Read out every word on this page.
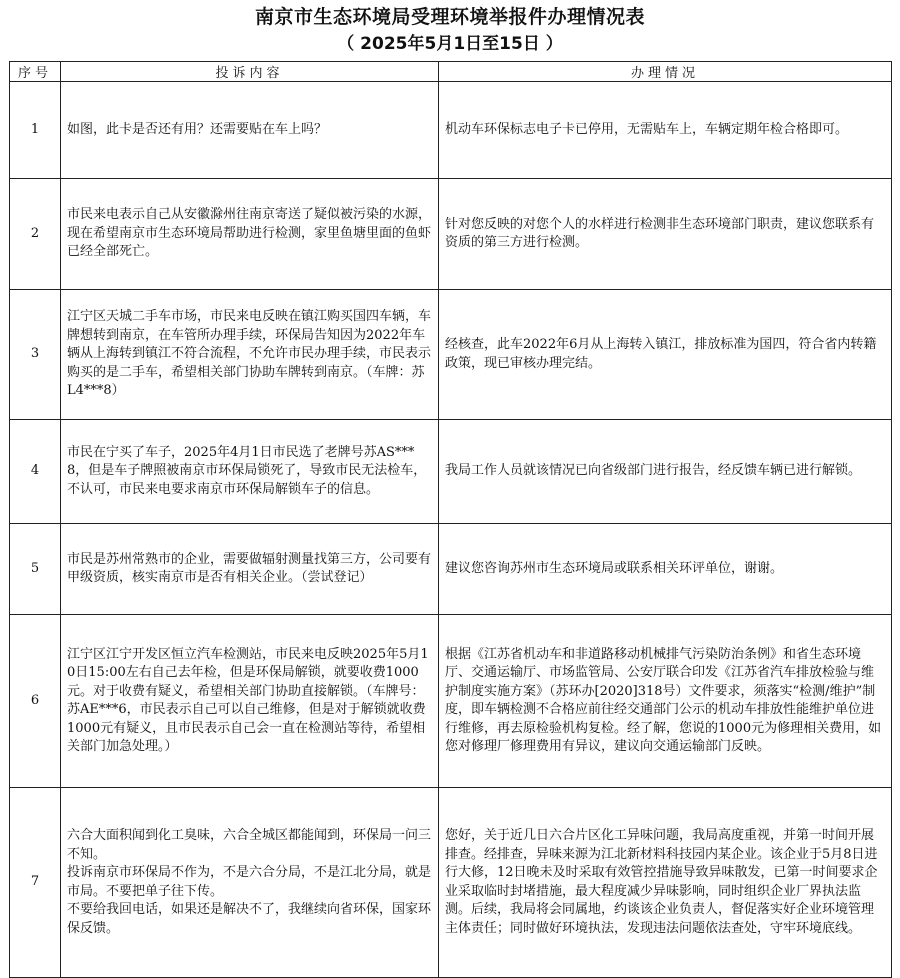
南京市生态环境局受理环境举报件办理情况表
（ 2025年5月1日至15日 ）
序号	投诉内容	办理情况
1	如图，此卡是否还有用？还需要贴在车上吗？	机动车环保标志电子卡已停用，无需贴车上，车辆定期年检合格即可。

2	市民来电表示自己从安徽滁州往南京寄送了疑似被污染的水源，现在希望南京市生态环境局帮助进行检测，家里鱼塘里面的鱼虾已经全部死亡。	针对您反映的对您个人的水样进行检测非生态环境部门职责，建议您联系有资质的第三方进行检测。

3	江宁区天城二手车市场，市民来电反映在镇江购买国四车辆，车牌想转到南京，在车管所办理手续，环保局告知因为2022年车辆从上海转到镇江不符合流程，不允许市民办理手续，市民表示购买的是二手车，希望相关部门协助车牌转到南京。（车牌：苏L4***8）	经核查，此车2022年6月从上海转入镇江，排放标准为国四，符合省内转籍政策，现已审核办理完结。

4	市民在宁买了车子，2025年4月1日市民选了老牌号苏AS***8，但是车子牌照被南京市环保局锁死了，导致市民无法检车，不认可，市民来电要求南京市环保局解锁车子的信息。	我局工作人员就该情况已向省级部门进行报告，经反馈车辆已进行解锁。

5	市民是苏州常熟市的企业，需要做辐射测量找第三方，公司要有甲级资质，核实南京市是否有相关企业。（尝试登记）	建议您咨询苏州市生态环境局或联系相关环评单位，谢谢。

6	江宁区江宁开发区恒立汽车检测站，市民来电反映2025年5月10日15:00左右自己去年检，但是环保局解锁，就要收费1000元。对于收费有疑义，希望相关部门协助直接解锁。（车牌号：苏AE***6，市民表示自己可以自己维修，但是对于解锁就收费1000元有疑义，且市民表示自己会一直在检测站等待，希望相关部门加急处理。）	根据《江苏省机动车和非道路移动机械排气污染防治条例》和省生态环境厅、交通运输厅、市场监管局、公安厅联合印发《江苏省汽车排放检验与维护制度实施方案》（苏环办[2020]318号）文件要求，须落实“检测/维护”制度，即车辆检测不合格应前往经交通部门公示的机动车排放性能维护单位进行维修，再去原检验机构复检。经了解，您说的1000元为修理相关费用，如您对修理厂修理费用有异议，建议向交通运输部门反映。

7	六合大面积闻到化工臭味，六合全城区都能闻到，环保局一问三不知。
投诉南京市环保局不作为，不是六合分局，不是江北分局，就是市局。不要把单子往下传。
不要给我回电话，如果还是解决不了，我继续向省环保，国家环保反馈。	您好，关于近几日六合片区化工异味问题，我局高度重视，并第一时间开展排查。经排查，异味来源为江北新材料科技园内某企业。该企业于5月8日进行大修，12日晚未及时采取有效管控措施导致异味散发，已第一时间要求企业采取临时封堵措施，最大程度减少异味影响，同时组织企业厂界执法监测。后续，我局将会同属地，约谈该企业负责人，督促落实好企业环境管理主体责任；同时做好环境执法，发现违法问题依法查处，守牢环境底线。
